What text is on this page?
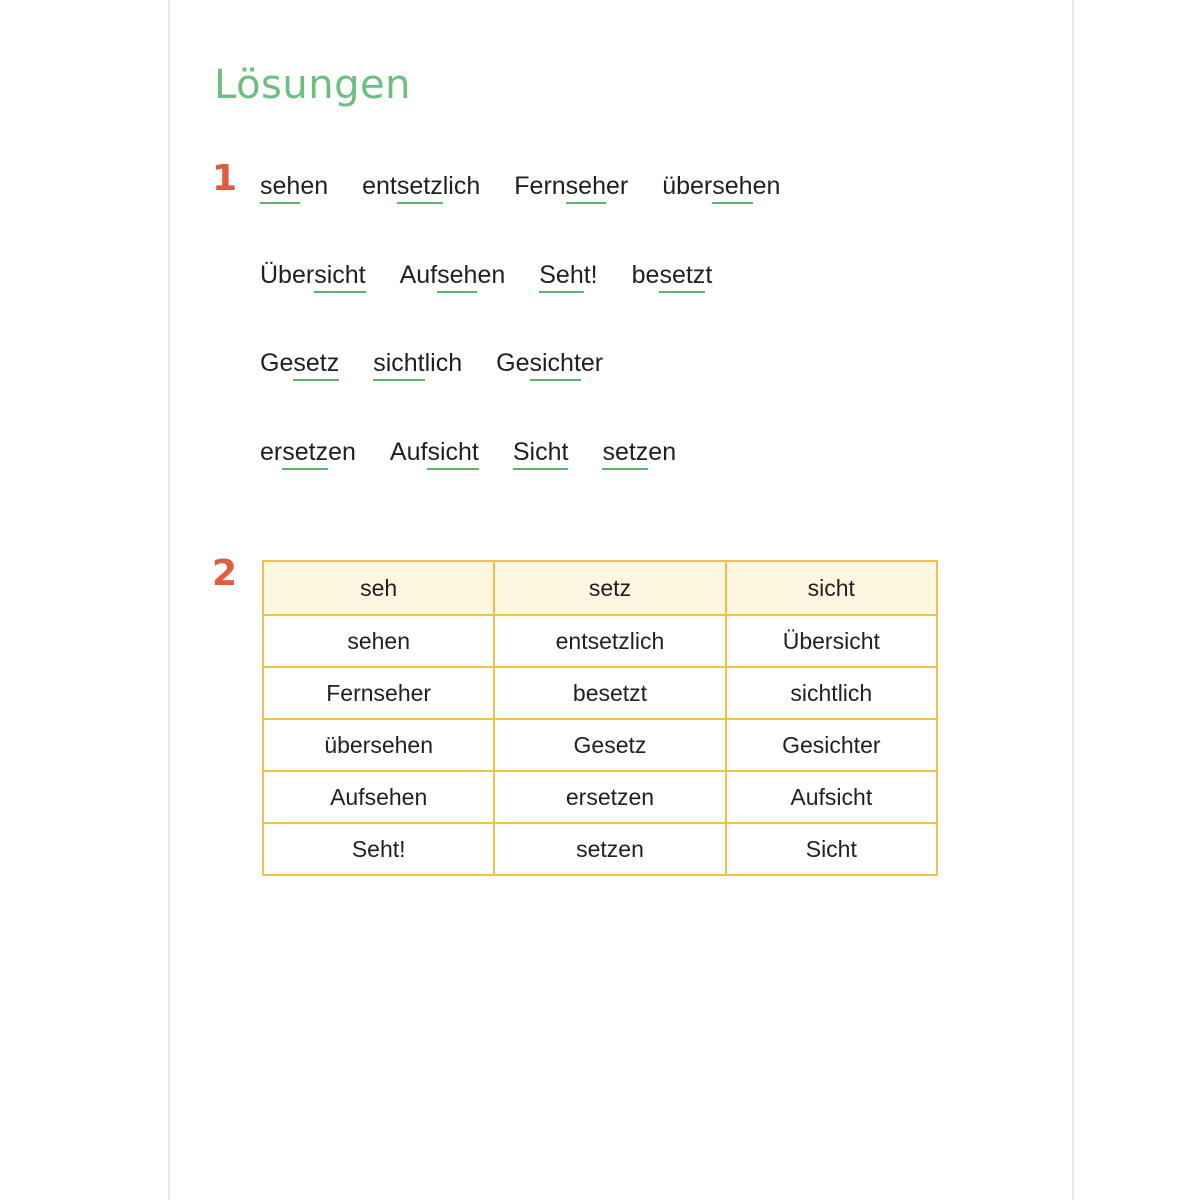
Lösungen
1
2
sehen entsetzlich Fernseher übersehen
Übersicht Aufsehen Seht! besetzt
Gesetz sichtlich Gesichter
ersetzen Aufsicht Sicht setzen
seh	setz	sicht
sehen	entsetzlich	Übersicht
Fernseher	besetzt	sichtlich
übersehen	Gesetz	Gesichter
Aufsehen	ersetzen	Aufsicht
Seht!	setzen	Sicht
